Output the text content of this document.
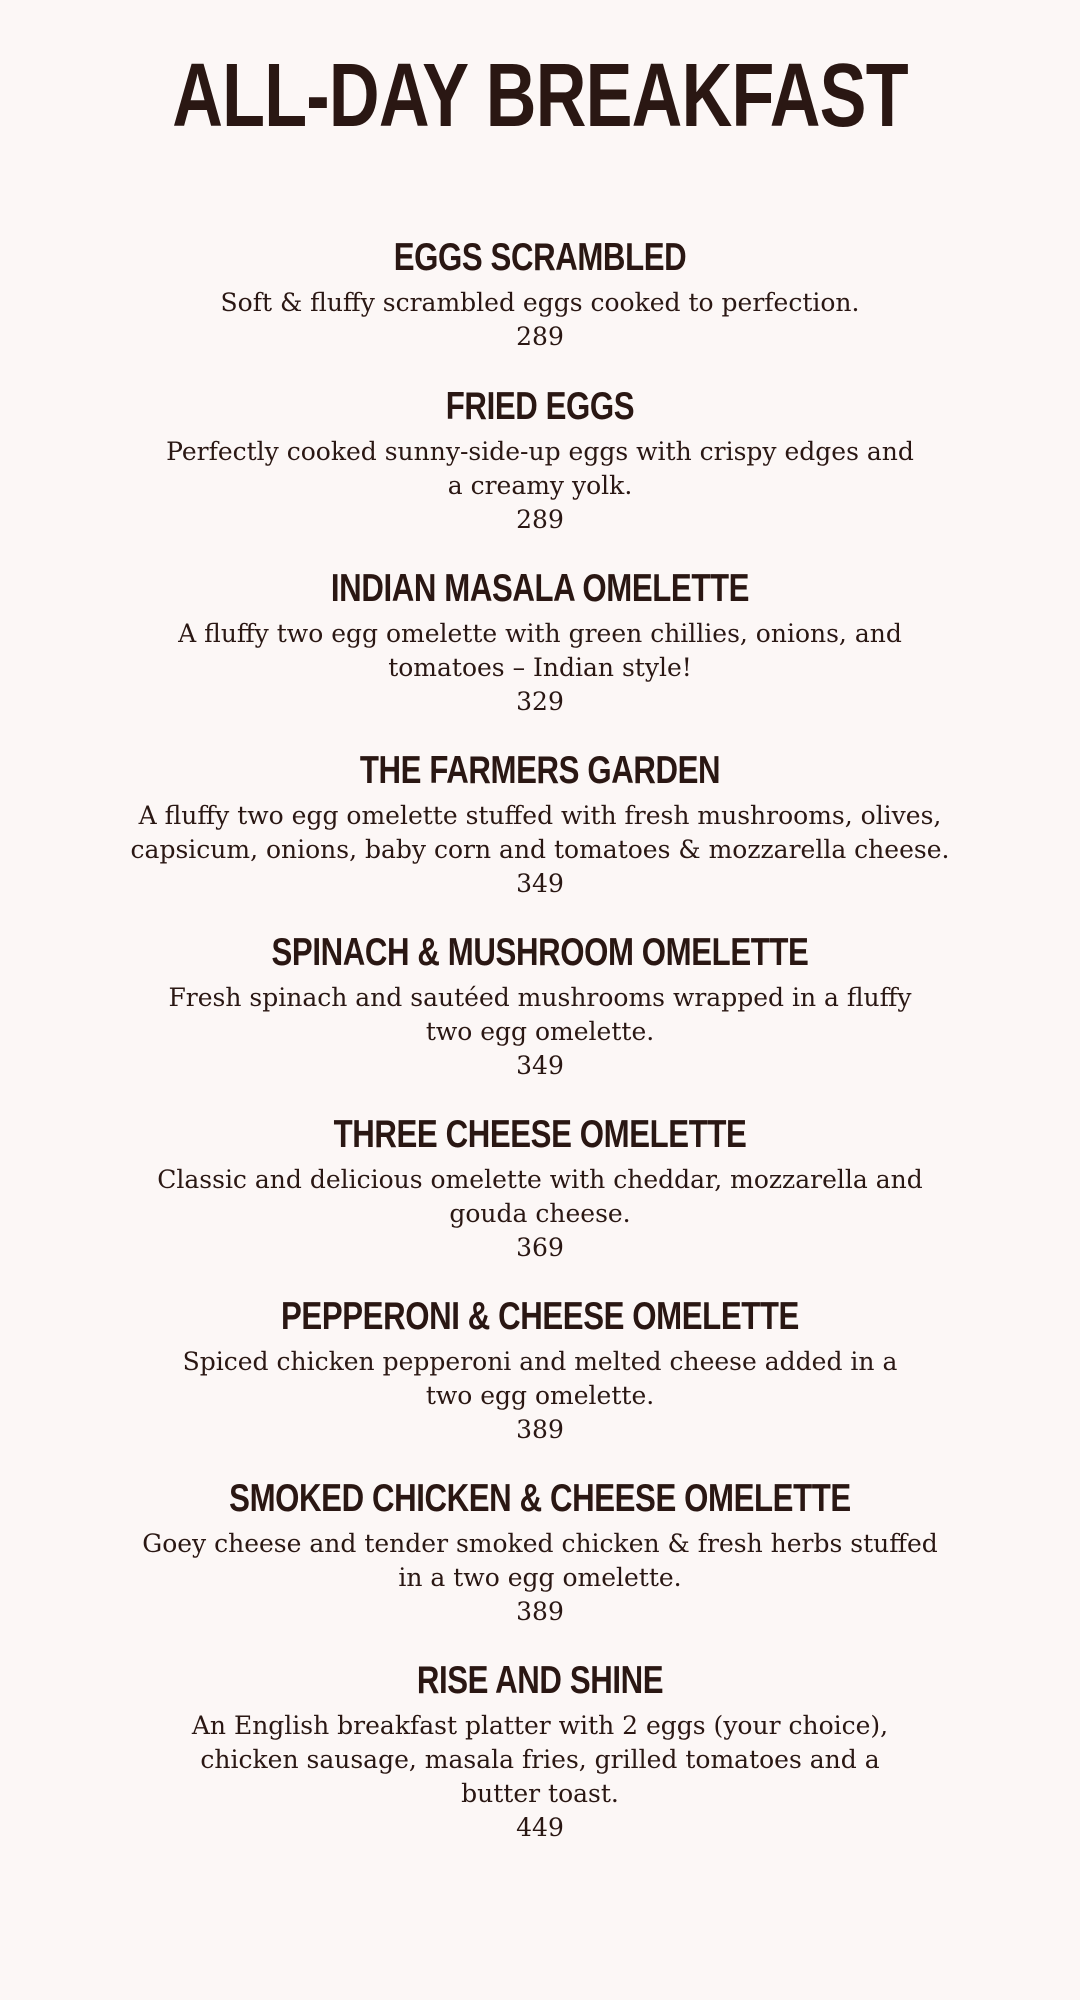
ALL-DAY BREAKFAST
EGGS SCRAMBLED
Soft & fluffy scrambled eggs cooked to perfection.
289
FRIED EGGS
Perfectly cooked sunny-side-up eggs with crispy edges and
a creamy yolk.
289
INDIAN MASALA OMELETTE
A fluffy two egg omelette with green chillies, onions, and
tomatoes – Indian style!
329
THE FARMERS GARDEN
A fluffy two egg omelette stuffed with fresh mushrooms, olives,
capsicum, onions, baby corn and tomatoes & mozzarella cheese.
349
SPINACH & MUSHROOM OMELETTE
Fresh spinach and sautéed mushrooms wrapped in a fluffy
two egg omelette.
349
THREE CHEESE OMELETTE
Classic and delicious omelette with cheddar, mozzarella and
gouda cheese.
369
PEPPERONI & CHEESE OMELETTE
Spiced chicken pepperoni and melted cheese added in a
two egg omelette.
389
SMOKED CHICKEN & CHEESE OMELETTE
Goey cheese and tender smoked chicken & fresh herbs stuffed
in a two egg omelette.
389
RISE AND SHINE
An English breakfast platter with 2 eggs (your choice),
chicken sausage, masala fries, grilled tomatoes and a
butter toast.
449
